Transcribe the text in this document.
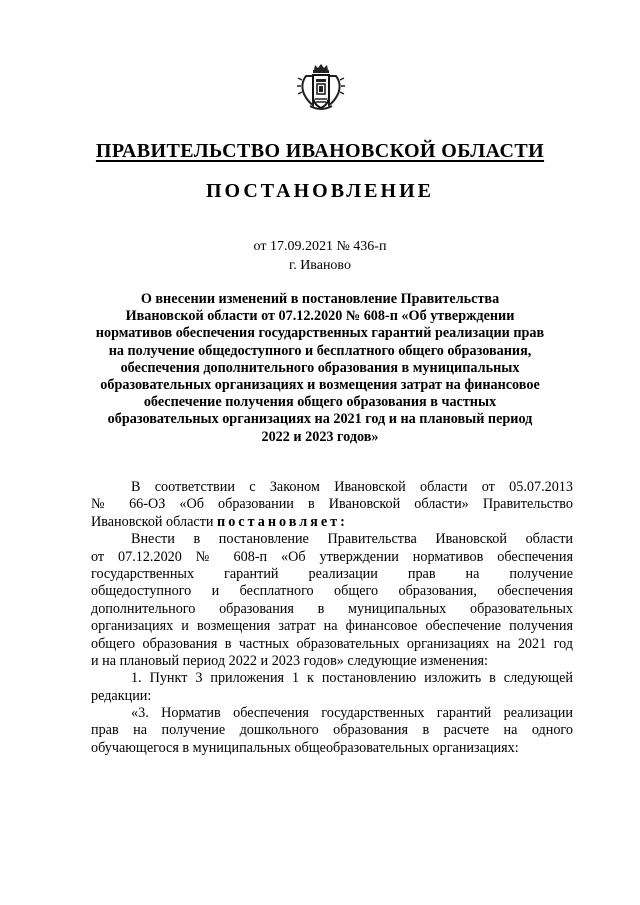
ПРАВИТЕЛЬСТВО ИВАНОВСКОЙ ОБЛАСТИ
ПОСТАНОВЛЕНИЕ
от 17.09.2021 № 436-п
г. Иваново
О внесении изменений в постановление Правительства
Ивановской области от 07.12.2020 № 608-п «Об утверждении
нормативов обеспечения государственных гарантий реализации прав
на получение общедоступного и бесплатного общего образования,
обеспечения дополнительного образования в муниципальных
образовательных организациях и возмещения затрат на финансовое
обеспечение получения общего образования в частных
образовательных организациях на 2021 год и на плановый период
2022 и 2023 годов»
В соответствии с Законом Ивановской области от 05.07.2013
№ 66-ОЗ «Об образовании в Ивановской области» Правительство
Ивановской области постановляет:
Внести в постановление Правительства Ивановской области
от 07.12.2020 № 608-п «Об утверждении нормативов обеспечения
государственных гарантий реализации прав на получение
общедоступного и бесплатного общего образования, обеспечения
дополнительного образования в муниципальных образовательных
организациях и возмещения затрат на финансовое обеспечение получения
общего образования в частных образовательных организациях на 2021 год
и на плановый период 2022 и 2023 годов» следующие изменения:
1. Пункт 3 приложения 1 к постановлению изложить в следующей
редакции:
«3. Норматив обеспечения государственных гарантий реализации
прав на получение дошкольного образования в расчете на одного
обучающегося в муниципальных общеобразовательных организациях:
